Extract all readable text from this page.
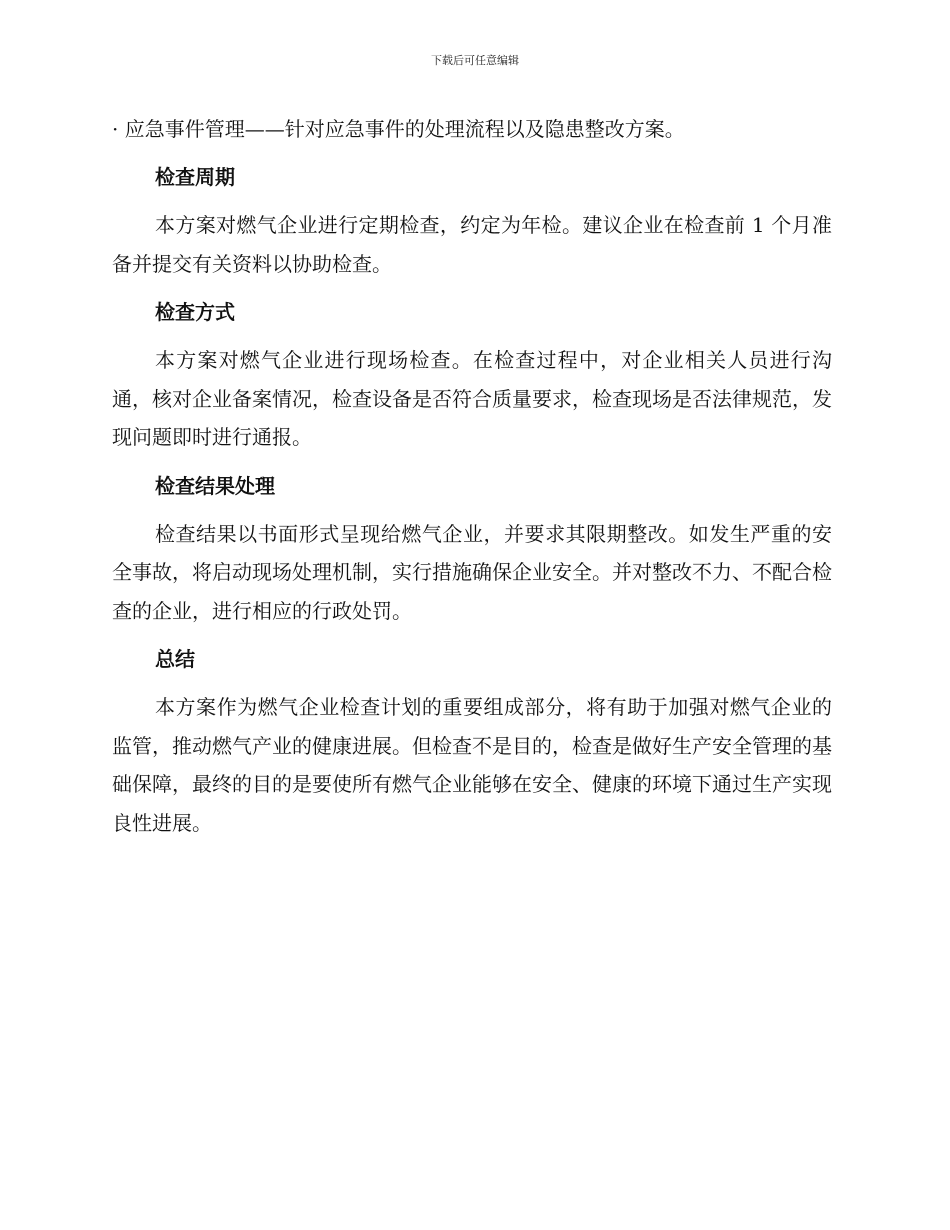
下载后可任意编辑

· 应急事件管理——针对应急事件的处理流程以及隐患整改方案。

检查周期

本方案对燃气企业进行定期检查，约定为年检。建议企业在检查前 1 个月准备并提交有关资料以协助检查。

检查方式

本方案对燃气企业进行现场检查。在检查过程中，对企业相关人员进行沟通，核对企业备案情况，检查设备是否符合质量要求，检查现场是否法律规范，发现问题即时进行通报。

检查结果处理

检查结果以书面形式呈现给燃气企业，并要求其限期整改。如发生严重的安全事故，将启动现场处理机制，实行措施确保企业安全。并对整改不力、不配合检查的企业，进行相应的行政处罚。

总结

本方案作为燃气企业检查计划的重要组成部分，将有助于加强对燃气企业的监管，推动燃气产业的健康进展。但检查不是目的，检查是做好生产安全管理的基础保障，最终的目的是要使所有燃气企业能够在安全、健康的环境下通过生产实现良性进展。
